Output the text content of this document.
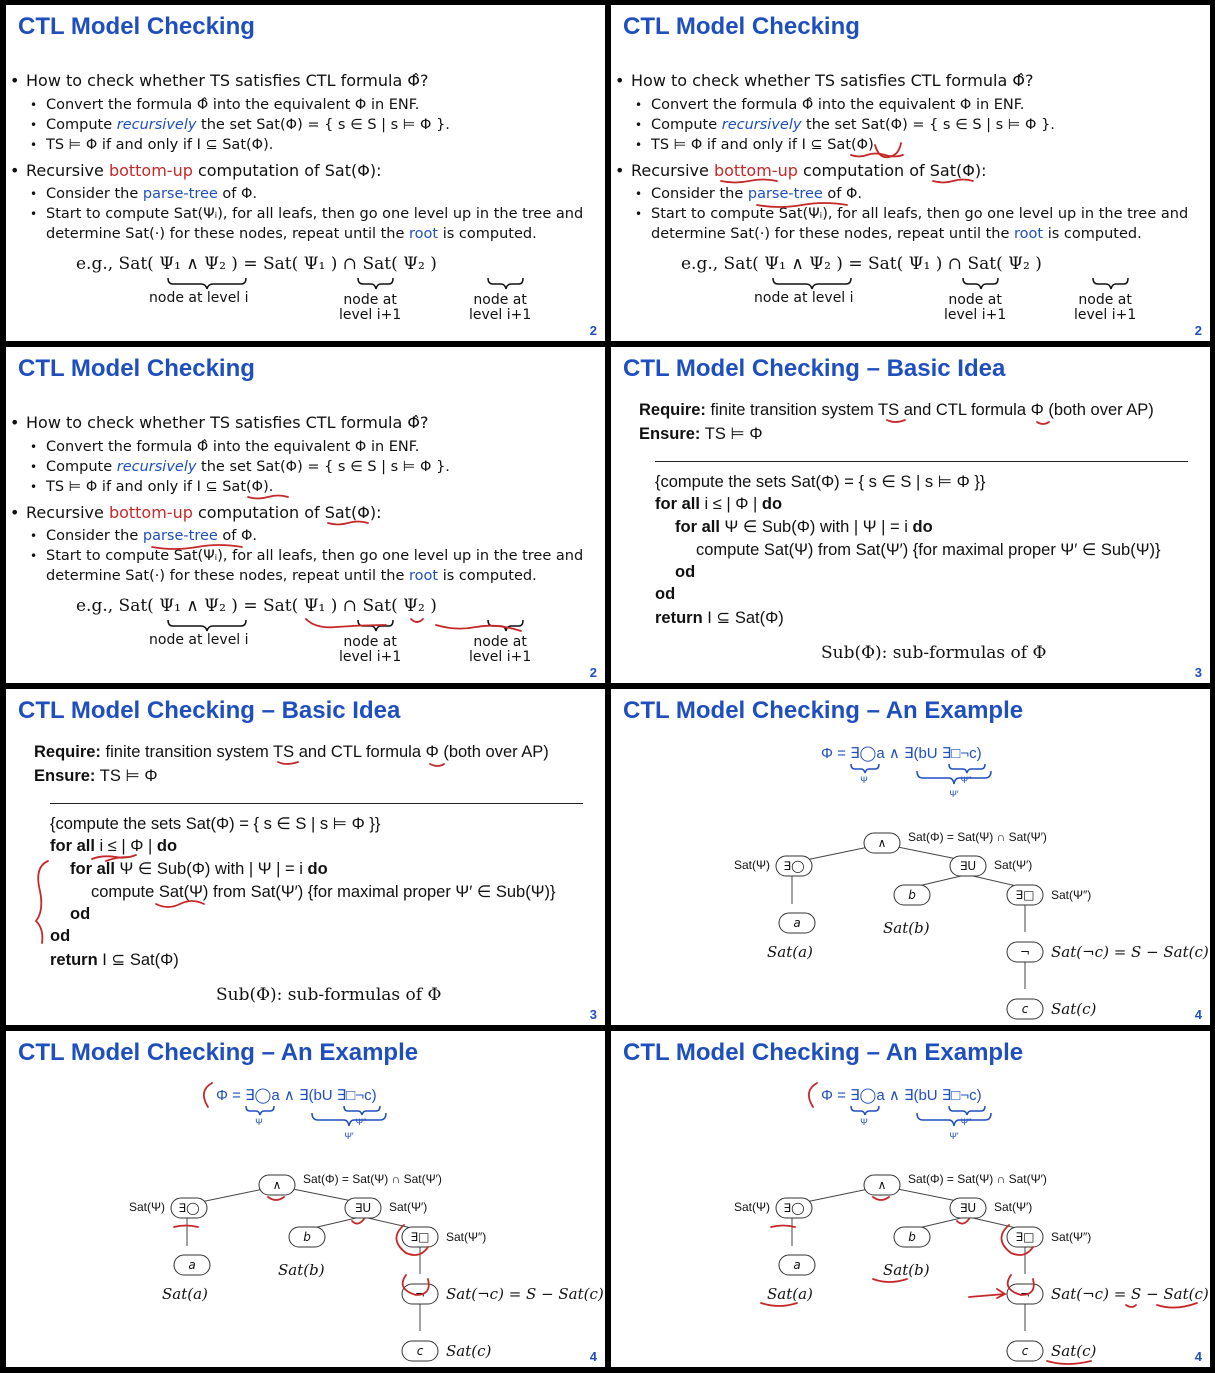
CTL Model Checking
• How to check whether TS satisfies CTL formula Φ̂?
• Convert the formula Φ̂ into the equivalent Φ in ENF.
• Compute recursively the set Sat(Φ) = { s ∈ S | s ⊨ Φ }.
• TS ⊨ Φ if and only if I ⊆ Sat(Φ).
• Recursive bottom-up computation of Sat(Φ):
• Consider the parse-tree of Φ.
• Start to compute Sat(Ψᵢ), for all leafs, then go one level up in the tree and
determine Sat(·) for these nodes, repeat until the root is computed.
e.g., Sat( Ψ₁ ∧ Ψ₂ ) = Sat( Ψ₁ ) ∩ Sat( Ψ₂ )
node at level i	node at
level i+1
node at
level i+1
2
CTL Model Checking
• How to check whether TS satisfies CTL formula Φ̂?
• Convert the formula Φ̂ into the equivalent Φ in ENF.
• Compute recursively the set Sat(Φ) = { s ∈ S | s ⊨ Φ }.
• TS ⊨ Φ if and only if I ⊆ Sat(Φ).
• Recursive bottom-up computation of Sat(Φ):
• Consider the parse-tree of Φ.
• Start to compute Sat(Ψᵢ), for all leafs, then go one level up in the tree and
determine Sat(·) for these nodes, repeat until the root is computed.
e.g., Sat( Ψ₁ ∧ Ψ₂ ) = Sat( Ψ₁ ) ∩ Sat( Ψ₂ )
node at level i	node at
level i+1
node at
level i+1
2
CTL Model Checking
• How to check whether TS satisfies CTL formula Φ̂?
• Convert the formula Φ̂ into the equivalent Φ in ENF.
• Compute recursively the set Sat(Φ) = { s ∈ S | s ⊨ Φ }.
• TS ⊨ Φ if and only if I ⊆ Sat(Φ).
• Recursive bottom-up computation of Sat(Φ):
• Consider the parse-tree of Φ.
• Start to compute Sat(Ψᵢ), for all leafs, then go one level up in the tree and
determine Sat(·) for these nodes, repeat until the root is computed.
e.g., Sat( Ψ₁ ∧ Ψ₂ ) = Sat( Ψ₁ ) ∩ Sat( Ψ₂ )
node at level i	node at
level i+1
node at
level i+1
2
CTL Model Checking – Basic Idea
Require: finite transition system TS and CTL formula Φ (both over AP)
Ensure: TS ⊨ Φ
{compute the sets Sat(Φ) = { s ∈ S | s ⊨ Φ }}
for all i ≤ | Φ | do
for all Ψ ∈ Sub(Φ) with | Ψ | = i do
compute Sat(Ψ) from Sat(Ψ′) {for maximal proper Ψ′ ∈ Sub(Ψ)}
od
od
return I ⊆ Sat(Φ)
Sub(Φ): sub-formulas of Φ
3
CTL Model Checking – Basic Idea
Require: finite transition system TS and CTL formula Φ (both over AP)
Ensure: TS ⊨ Φ
{compute the sets Sat(Φ) = { s ∈ S | s ⊨ Φ }}
for all i ≤ | Φ | do
for all Ψ ∈ Sub(Φ) with | Ψ | = i do
compute Sat(Ψ) from Sat(Ψ′) {for maximal proper Ψ′ ∈ Sub(Ψ)}
od
od
return I ⊆ Sat(Φ)
Sub(Φ): sub-formulas of Φ
3
CTL Model Checking – An Example
Φ = ∃◯a ∧ ∃(bU ∃□¬c)
Ψ	Ψ″
Ψ′
∧
∃◯	∃U
b	∃□
a
¬
c
Sat(Φ) = Sat(Ψ) ∩ Sat(Ψ′)
Sat(Ψ)	Sat(Ψ′)
Sat(Ψ″)
Sat(b)
Sat(a)	Sat(¬c) = S − Sat(c)
Sat(c)	4
CTL Model Checking – An Example
Φ = ∃◯a ∧ ∃(bU ∃□¬c)
Ψ	Ψ″
Ψ′
∧
∃◯	∃U
b	∃□
a
¬
c
Sat(Φ) = Sat(Ψ) ∩ Sat(Ψ′)
Sat(Ψ)	Sat(Ψ′)
Sat(Ψ″)
Sat(b)
Sat(a)	Sat(¬c) = S − Sat(c)
Sat(c)	4
CTL Model Checking – An Example
Φ = ∃◯a ∧ ∃(bU ∃□¬c)
Ψ	Ψ″
Ψ′
∧
∃◯	∃U
b	∃□
a
¬
c
Sat(Φ) = Sat(Ψ) ∩ Sat(Ψ′)
Sat(Ψ)	Sat(Ψ′)
Sat(Ψ″)
Sat(b)
Sat(a)	Sat(¬c) = S − Sat(c)
Sat(c)	4
